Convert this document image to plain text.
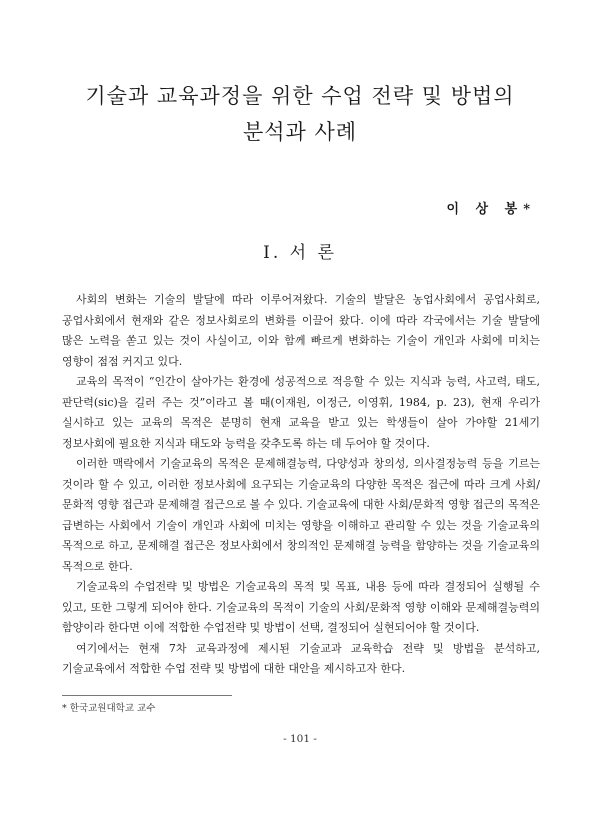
기술과 교육과정을 위한 수업 전략 및 방법의
분석과 사례
이 상 봉*
Ⅰ. 서 론

사회의 변화는 기술의 발달에 따라 이루어져왔다. 기술의 발달은 농업사회에서 공업사회로, 공업사회에서 현재와 같은 정보사회로의 변화를 이끌어 왔다. 이에 따라 각국에서는 기술 발달에 많은 노력을 쏟고 있는 것이 사실이고, 이와 함께 빠르게 변화하는 기술이 개인과 사회에 미치는 영향이 점점 커지고 있다.

교육의 목적이 “인간이 살아가는 환경에 성공적으로 적응할 수 있는 지식과 능력, 사고력, 태도, 판단력(sic)을 길러 주는 것”이라고 볼 때(이재원, 이정근, 이영휘, 1984, p. 23), 현재 우리가 실시하고 있는 교육의 목적은 분명히 현재 교육을 받고 있는 학생들이 살아 가야할 21세기 정보사회에 필요한 지식과 태도와 능력을 갖추도록 하는 데 두어야 할 것이다.

이러한 맥락에서 기술교육의 목적은 문제해결능력, 다양성과 창의성, 의사결정능력 등을 기르는 것이라 할 수 있고, 이러한 정보사회에 요구되는 기술교육의 다양한 목적은 접근에 따라 크게 사회/문화적 영향 접근과 문제해결 접근으로 볼 수 있다. 기술교육에 대한 사회/문화적 영향 접근의 목적은 급변하는 사회에서 기술이 개인과 사회에 미치는 영향을 이해하고 관리할 수 있는 것을 기술교육의 목적으로 하고, 문제해결 접근은 정보사회에서 창의적인 문제해결 능력을 함양하는 것을 기술교육의 목적으로 한다.

기술교육의 수업전략 및 방법은 기술교육의 목적 및 목표, 내용 등에 따라 결정되어 실행될 수 있고, 또한 그렇게 되어야 한다. 기술교육의 목적이 기술의 사회/문화적 영향 이해와 문제해결능력의 함양이라 한다면 이에 적합한 수업전략 및 방법이 선택, 결정되어 실현되어야 할 것이다.

여기에서는 현재 7차 교육과정에 제시된 기술교과 교육학습 전략 및 방법을 분석하고, 기술교육에서 적합한 수업 전략 및 방법에 대한 대안을 제시하고자 한다.

* 한국교원대학교 교수
- 101 -
